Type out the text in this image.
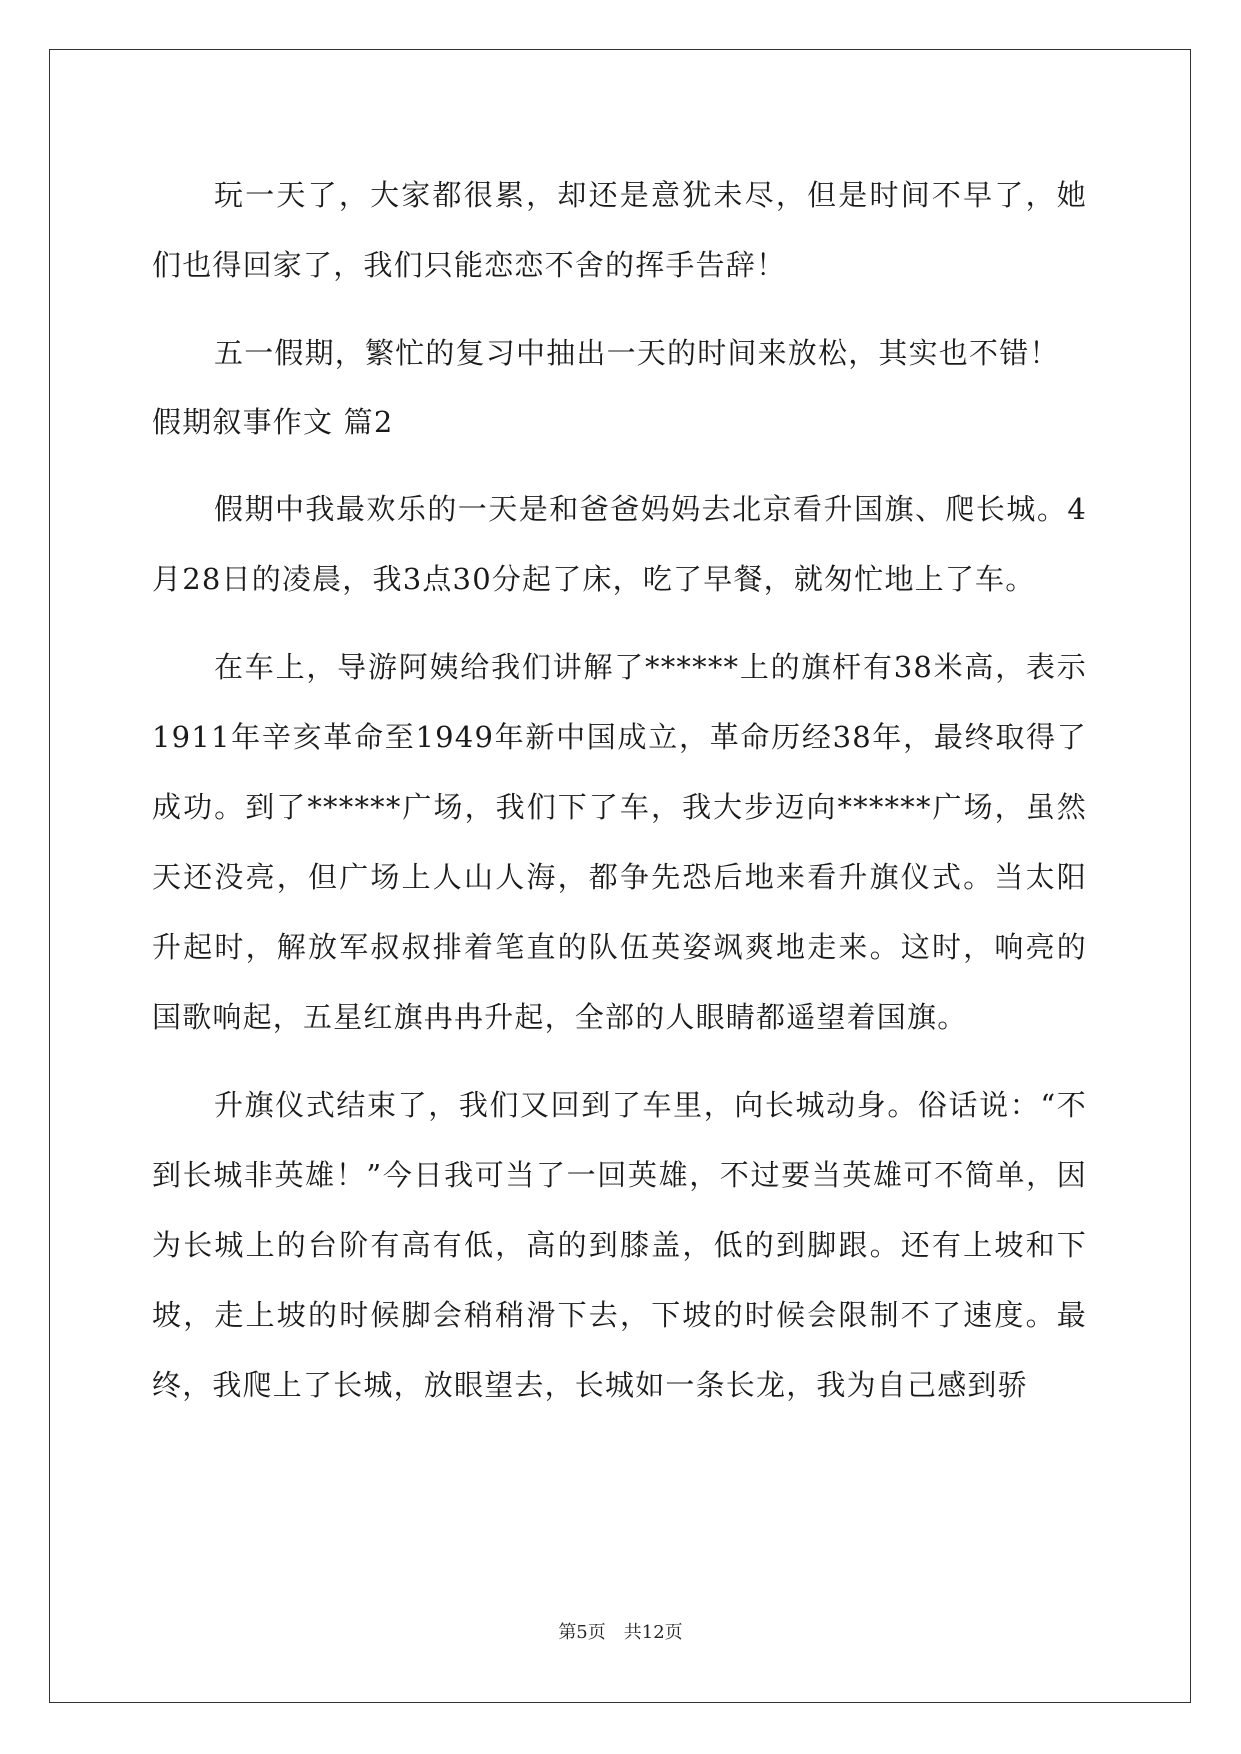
玩一天了，大家都很累，却还是意犹未尽，但是时间不早了，她们也得回家了，我们只能恋恋不舍的挥手告辞！

五一假期，繁忙的复习中抽出一天的时间来放松，其实也不错！

假期叙事作文 篇2

假期中我最欢乐的一天是和爸爸妈妈去北京看升国旗、爬长城。4月28日的凌晨，我3点30分起了床，吃了早餐，就匆忙地上了车。

在车上，导游阿姨给我们讲解了******上的旗杆有38米高，表示1911年辛亥革命至1949年新中国成立，革命历经38年，最终取得了成功。到了******广场，我们下了车，我大步迈向******广场，虽然天还没亮，但广场上人山人海，都争先恐后地来看升旗仪式。当太阳升起时，解放军叔叔排着笔直的队伍英姿飒爽地走来。这时，响亮的国歌响起，五星红旗冉冉升起，全部的人眼睛都遥望着国旗。

升旗仪式结束了，我们又回到了车里，向长城动身。俗话说：“不到长城非英雄！”今日我可当了一回英雄，不过要当英雄可不简单，因为长城上的台阶有高有低，高的到膝盖，低的到脚跟。还有上坡和下坡，走上坡的时候脚会稍稍滑下去，下坡的时候会限制不了速度。最终，我爬上了长城，放眼望去，长城如一条长龙，我为自己感到骄

第5页 共12页
